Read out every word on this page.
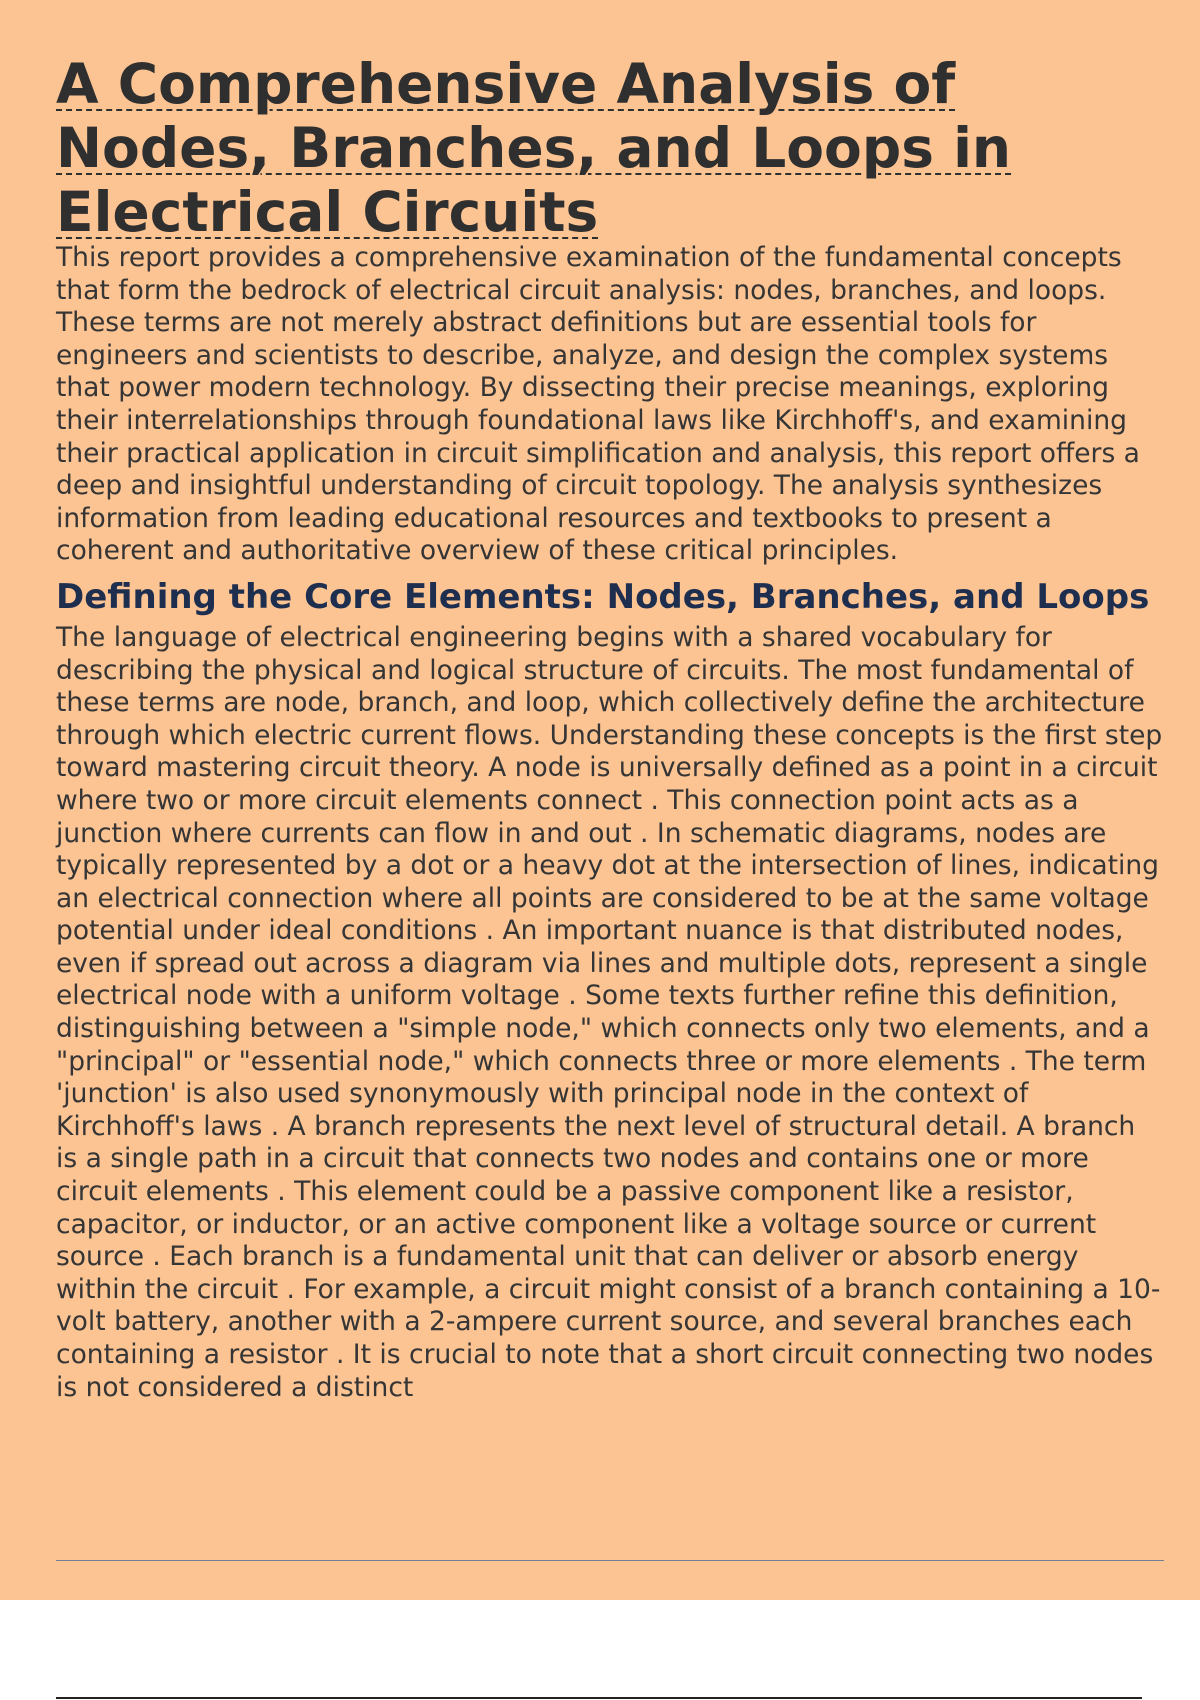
A Comprehensive Analysis of Nodes, Branches, and Loops in Electrical Circuits

This report provides a comprehensive examination of the fundamental concepts that form the bedrock of electrical circuit analysis: nodes, branches, and loops. These terms are not merely abstract definitions but are essential tools for engineers and scientists to describe, analyze, and design the complex systems that power modern technology. By dissecting their precise meanings, exploring their interrelationships through foundational laws like Kirchhoff's, and examining their practical application in circuit simplification and analysis, this report offers a deep and insightful understanding of circuit topology. The analysis synthesizes information from leading educational resources and textbooks to present a coherent and authoritative overview of these critical principles.

Defining the Core Elements: Nodes, Branches, and Loops

The language of electrical engineering begins with a shared vocabulary for describing the physical and logical structure of circuits. The most fundamental of these terms are node, branch, and loop, which collectively define the architecture through which electric current flows. Understanding these concepts is the first step toward mastering circuit theory. A node is universally defined as a point in a circuit where two or more circuit elements connect . This connection point acts as a junction where currents can flow in and out . In schematic diagrams, nodes are typically represented by a dot or a heavy dot at the intersection of lines, indicating an electrical connection where all points are considered to be at the same voltage potential under ideal conditions . An important nuance is that distributed nodes, even if spread out across a diagram via lines and multiple dots, represent a single electrical node with a uniform voltage . Some texts further refine this definition, distinguishing between a "simple node," which connects only two elements, and a "principal" or "essential node," which connects three or more elements . The term 'junction' is also used synonymously with principal node in the context of Kirchhoff's laws . A branch represents the next level of structural detail. A branch is a single path in a circuit that connects two nodes and contains one or more circuit elements . This element could be a passive component like a resistor, capacitor, or inductor, or an active component like a voltage source or current source . Each branch is a fundamental unit that can deliver or absorb energy within the circuit . For example, a circuit might consist of a branch containing a 10-volt battery, another with a 2-ampere current source, and several branches each containing a resistor . It is crucial to note that a short circuit connecting two nodes is not considered a distinct
